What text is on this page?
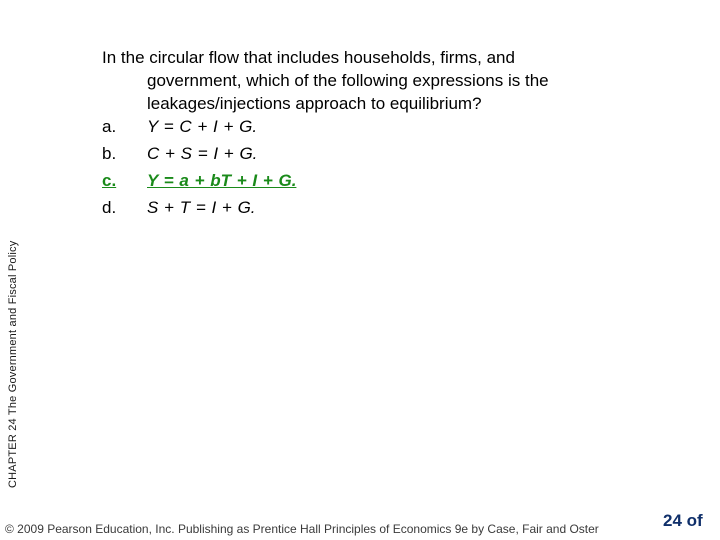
CHAPTER 24 The Government and Fiscal Policy

In the circular flow that includes households, firms, and

government, which of the following expressions is the

leakages/injections approach to equilibrium?

a.	Y = C + I + G.
b.	C + S = I + G.
c.	Y = a + bT + I + G.
d.	S + T = I + G.
© 2009 Pearson Education, Inc. Publishing as Prentice Hall Principles of Economics 9e by Case, Fair and Oster	24 of
